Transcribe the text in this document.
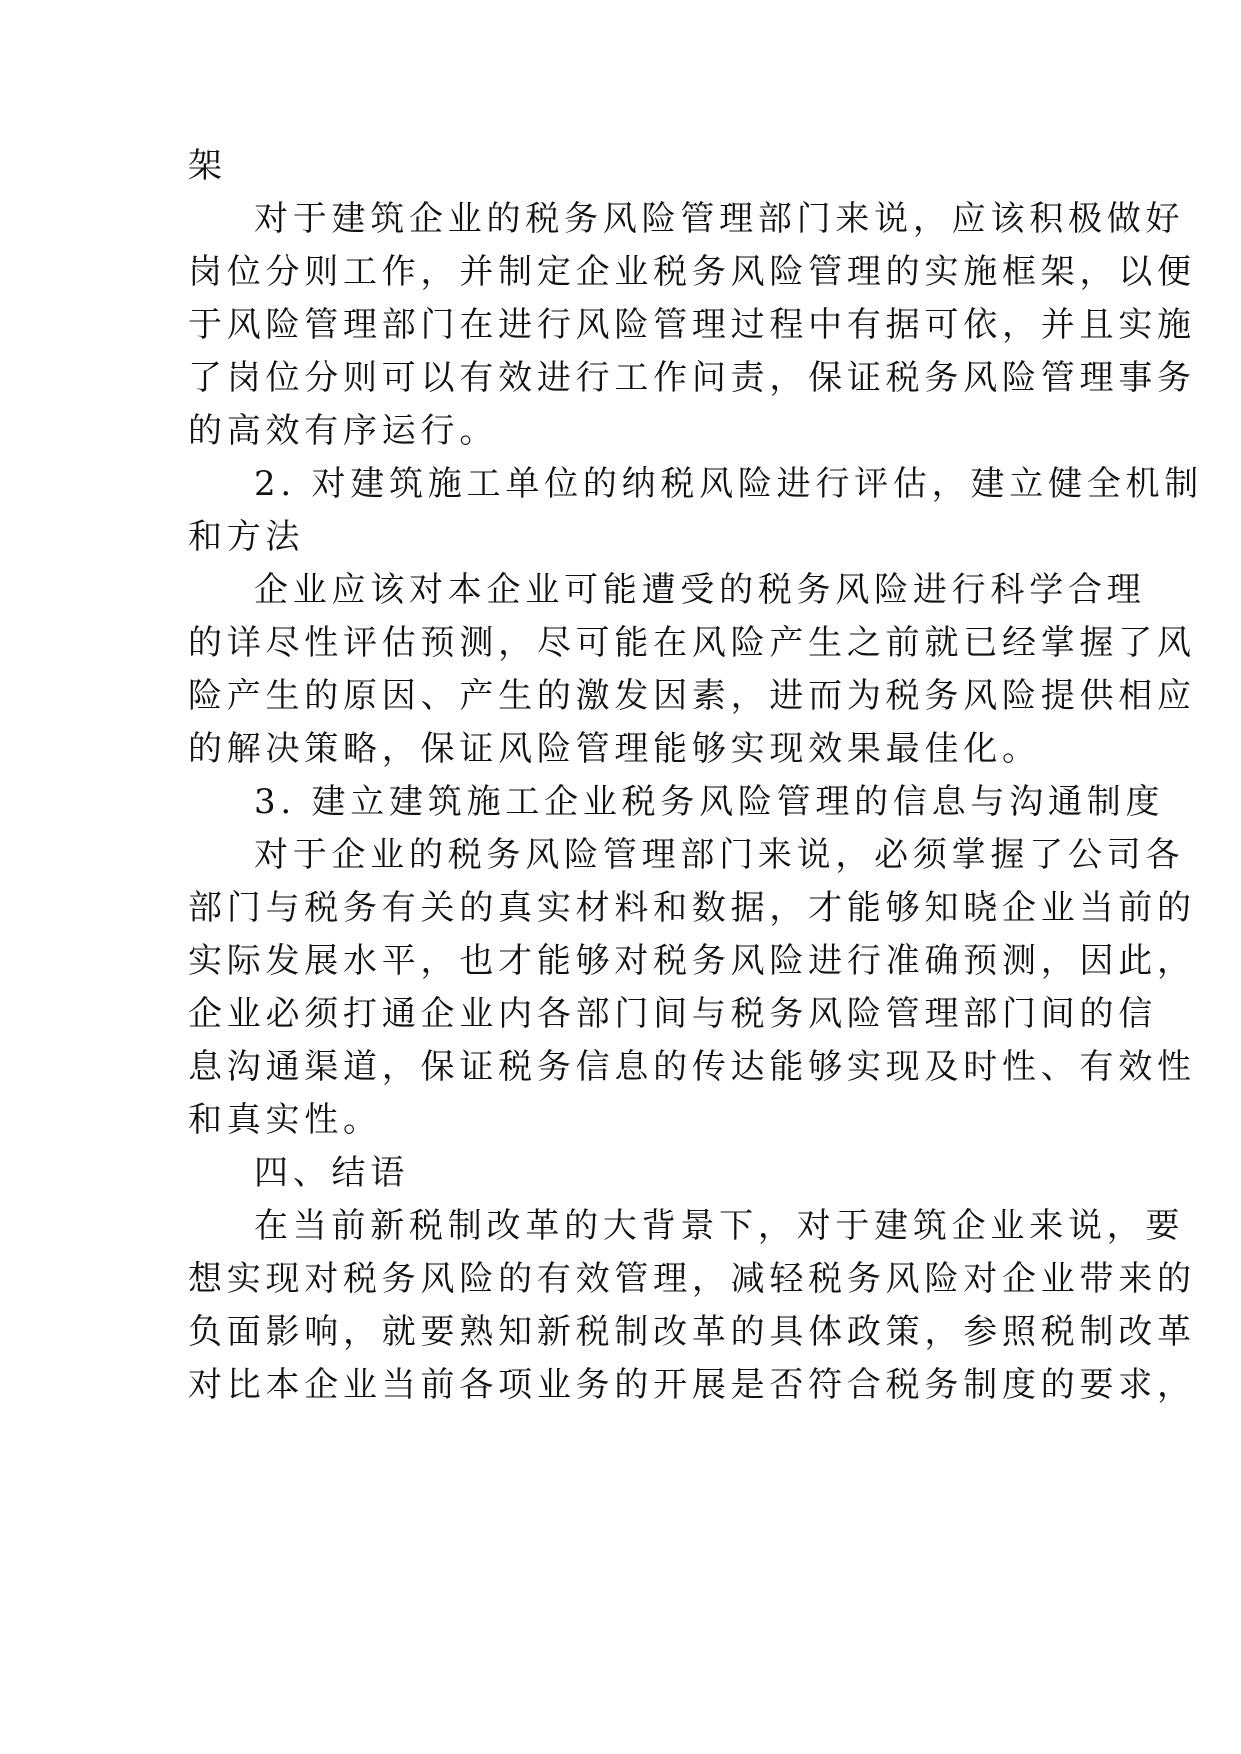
架
对于建筑企业的税务风险管理部门来说，应该积极做好
岗位分则工作，并制定企业税务风险管理的实施框架，以便
于风险管理部门在进行风险管理过程中有据可依，并且实施
了岗位分则可以有效进行工作问责，保证税务风险管理事务
的高效有序运行。
2. 对建筑施工单位的纳税风险进行评估，建立健全机制
和方法
企业应该对本企业可能遭受的税务风险进行科学合理
的详尽性评估预测，尽可能在风险产生之前就已经掌握了风
险产生的原因、产生的激发因素，进而为税务风险提供相应
的解决策略，保证风险管理能够实现效果最佳化。
3. 建立建筑施工企业税务风险管理的信息与沟通制度
对于企业的税务风险管理部门来说，必须掌握了公司各
部门与税务有关的真实材料和数据，才能够知晓企业当前的
实际发展水平，也才能够对税务风险进行准确预测，因此，
企业必须打通企业内各部门间与税务风险管理部门间的信
息沟通渠道，保证税务信息的传达能够实现及时性、有效性
和真实性。
四、结语
在当前新税制改革的大背景下，对于建筑企业来说，要
想实现对税务风险的有效管理，减轻税务风险对企业带来的
负面影响，就要熟知新税制改革的具体政策，参照税制改革
对比本企业当前各项业务的开展是否符合税务制度的要求，
